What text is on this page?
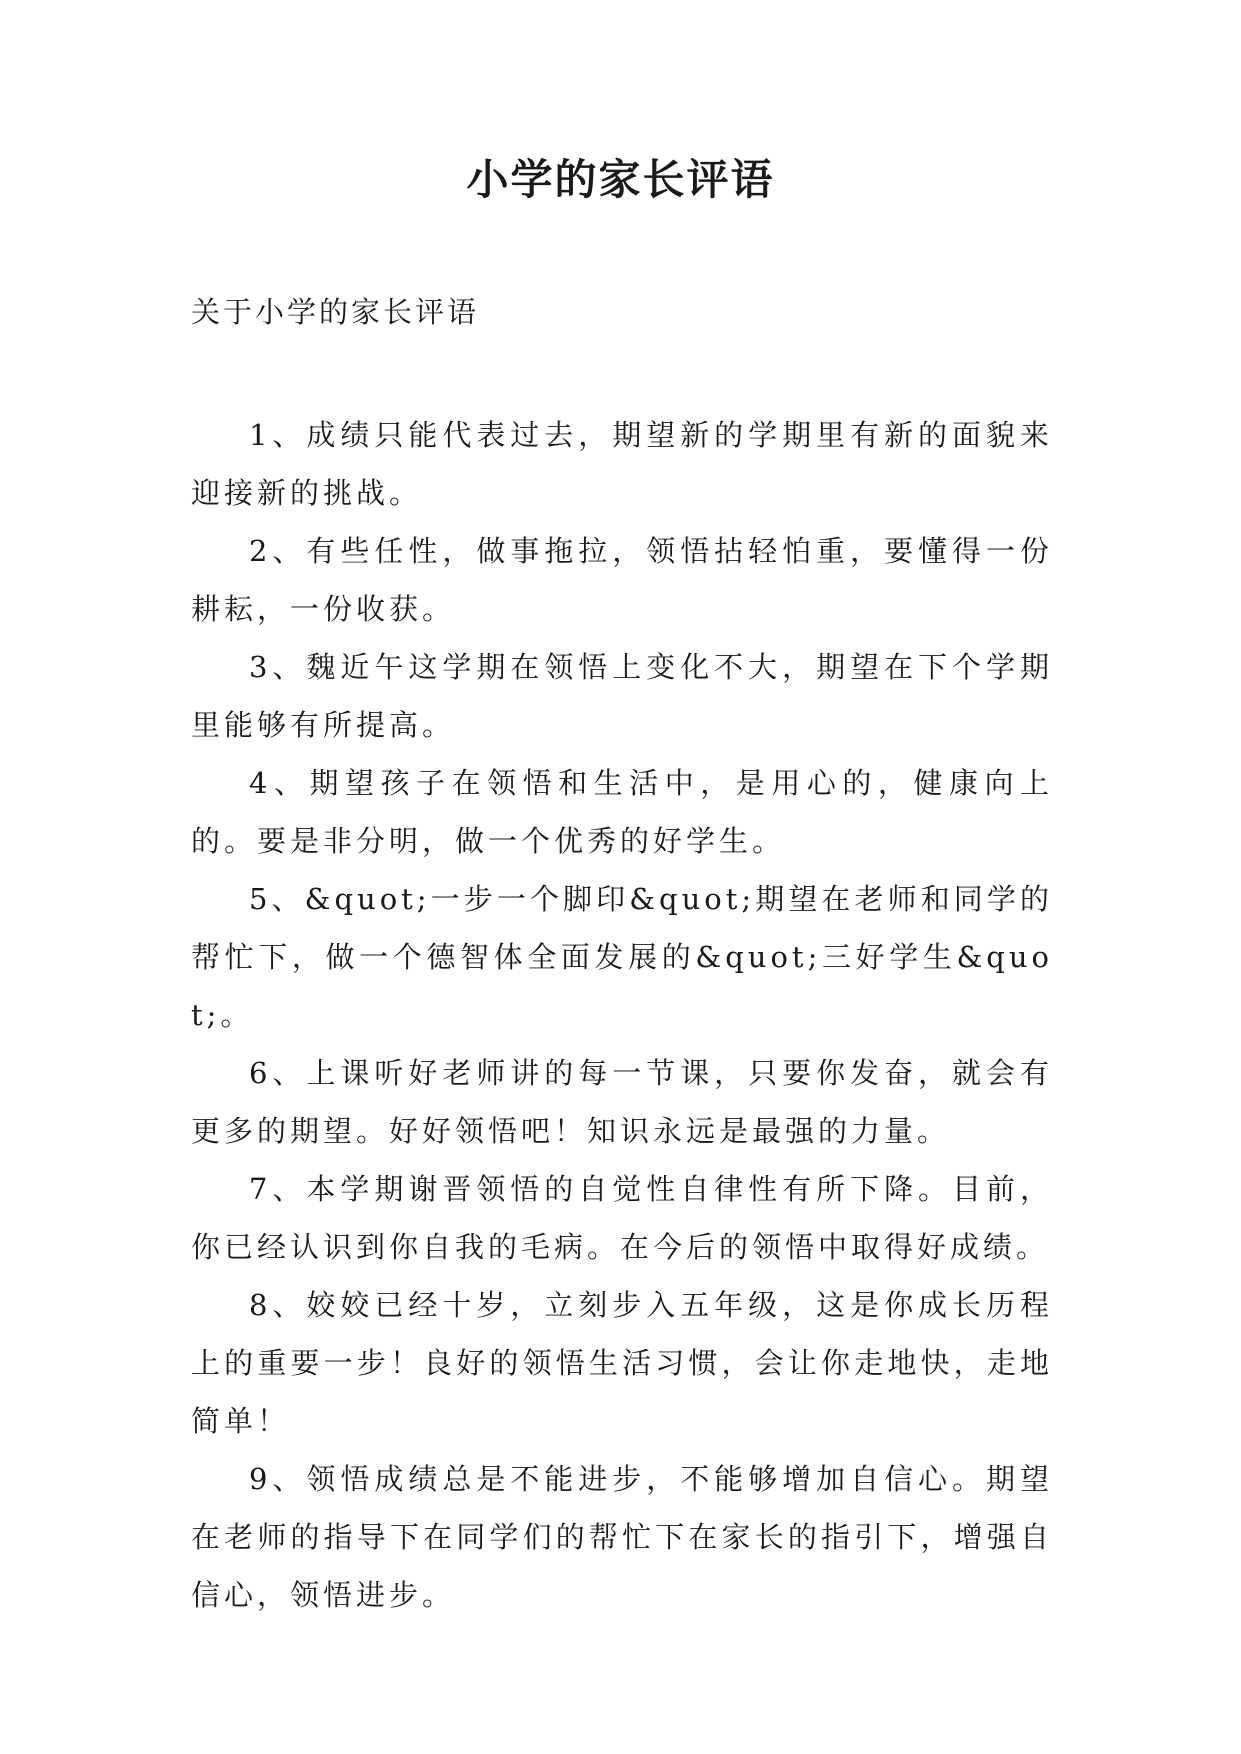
小学的家长评语

关于小学的家长评语

1、成绩只能代表过去，期望新的学期里有新的面貌来迎接新的挑战。

2、有些任性，做事拖拉，领悟拈轻怕重，要懂得一份耕耘，一份收获。

3、魏近午这学期在领悟上变化不大，期望在下个学期里能够有所提高。

4、期望孩子在领悟和生活中，是用心的，健康向上的。要是非分明，做一个优秀的好学生。

5、&quot;一步一个脚印&quot;期望在老师和同学的帮忙下，做一个德智体全面发展的&quot;三好学生&quot;。

6、上课听好老师讲的每一节课，只要你发奋，就会有更多的期望。好好领悟吧！知识永远是最强的力量。

7、本学期谢晋领悟的自觉性自律性有所下降。目前，你已经认识到你自我的毛病。在今后的领悟中取得好成绩。

8、姣姣已经十岁，立刻步入五年级，这是你成长历程上的重要一步！良好的领悟生活习惯，会让你走地快，走地简单！

9、领悟成绩总是不能进步，不能够增加自信心。期望在老师的指导下在同学们的帮忙下在家长的指引下，增强自信心，领悟进步。
